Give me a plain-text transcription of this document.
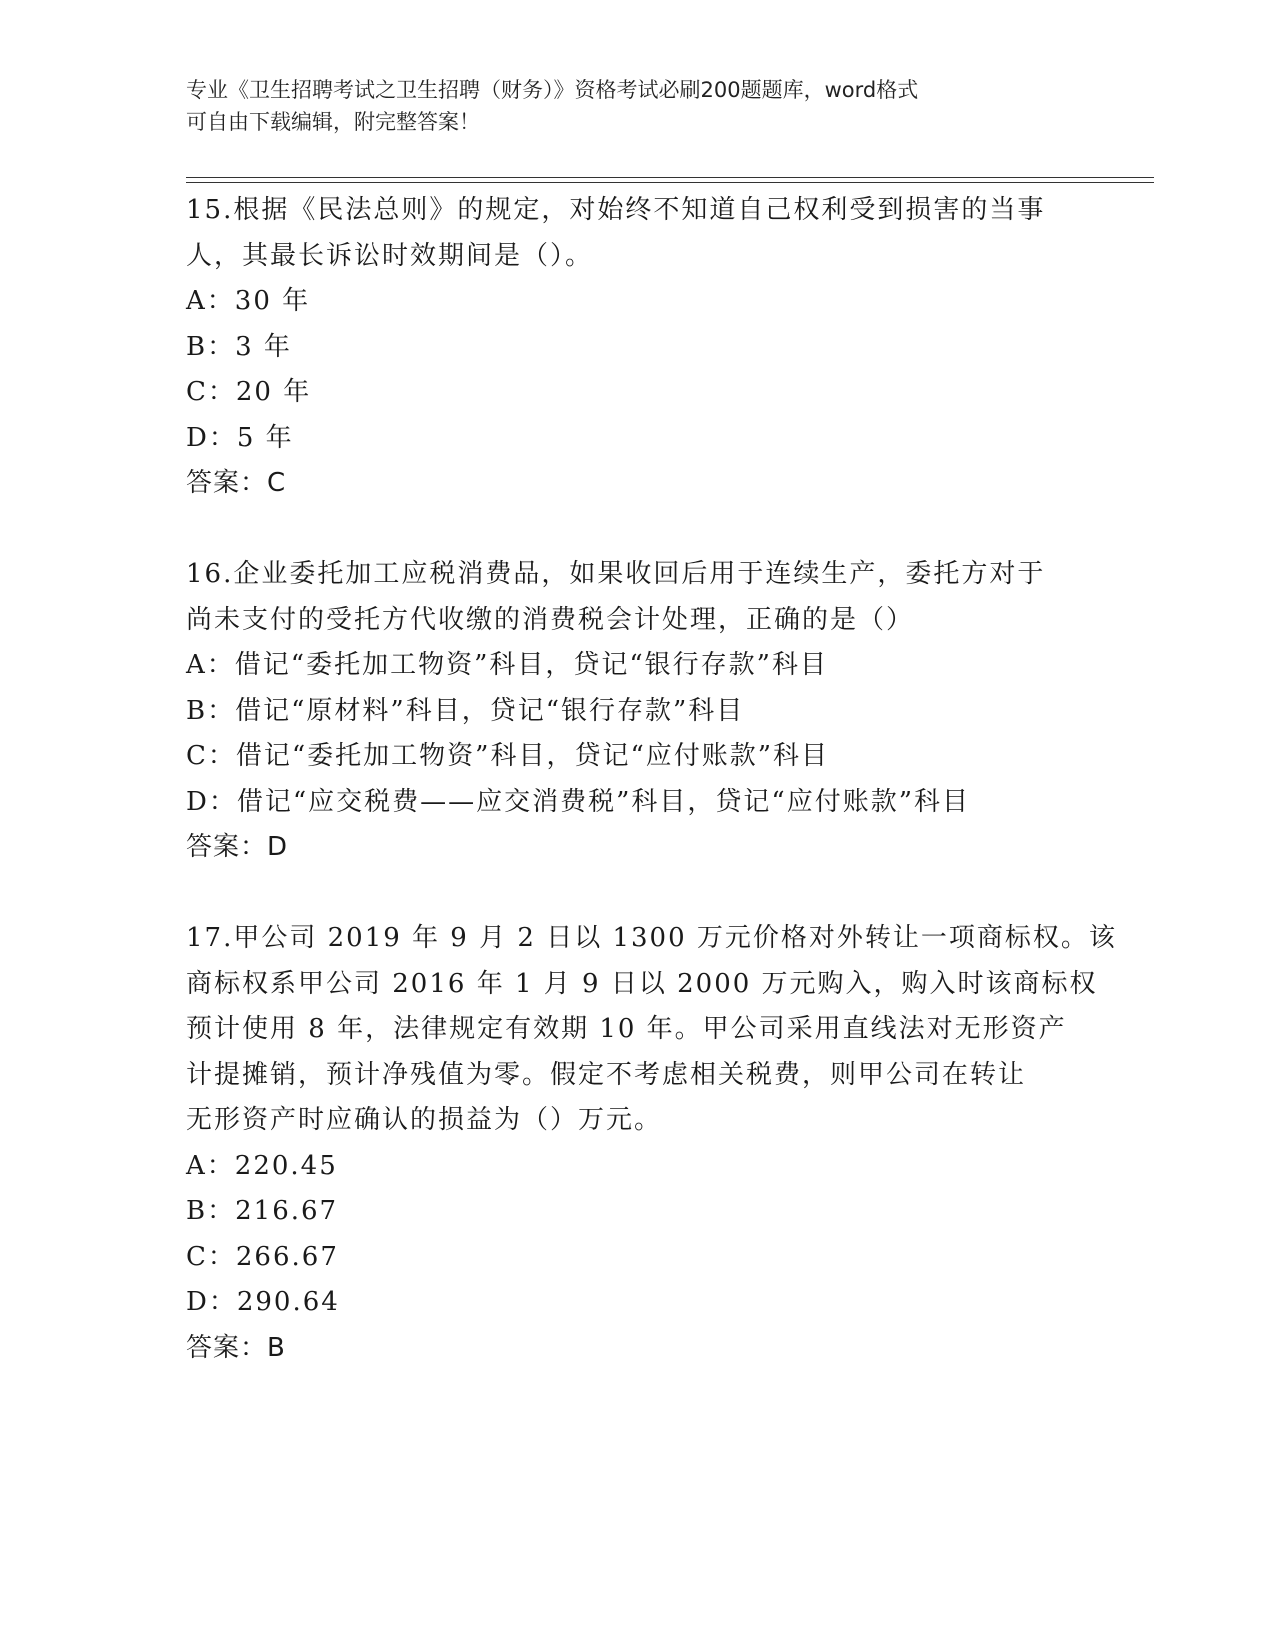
专业《卫生招聘考试之卫生招聘（财务）》资格考试必刷200题题库，word格式
可自由下载编辑，附完整答案！
15.根据《民法总则》的规定，对始终不知道自己权利受到损害的当事
人，其最长诉讼时效期间是（）。
A：30 年
B：3 年
C：20 年
D：5 年
答案：C
16.企业委托加工应税消费品，如果收回后用于连续生产，委托方对于
尚未支付的受托方代收缴的消费税会计处理，正确的是（）
A：借记“委托加工物资”科目，贷记“银行存款”科目
B：借记“原材料”科目，贷记“银行存款”科目
C：借记“委托加工物资”科目，贷记“应付账款”科目
D：借记“应交税费——应交消费税”科目，贷记“应付账款”科目
答案：D
17.甲公司 2019 年 9 月 2 日以 1300 万元价格对外转让一项商标权。该
商标权系甲公司 2016 年 1 月 9 日以 2000 万元购入，购入时该商标权
预计使用 8 年，法律规定有效期 10 年。甲公司采用直线法对无形资产
计提摊销，预计净残值为零。假定不考虑相关税费，则甲公司在转让
无形资产时应确认的损益为（）万元。
A：220.45
B：216.67
C：266.67
D：290.64
答案：B
